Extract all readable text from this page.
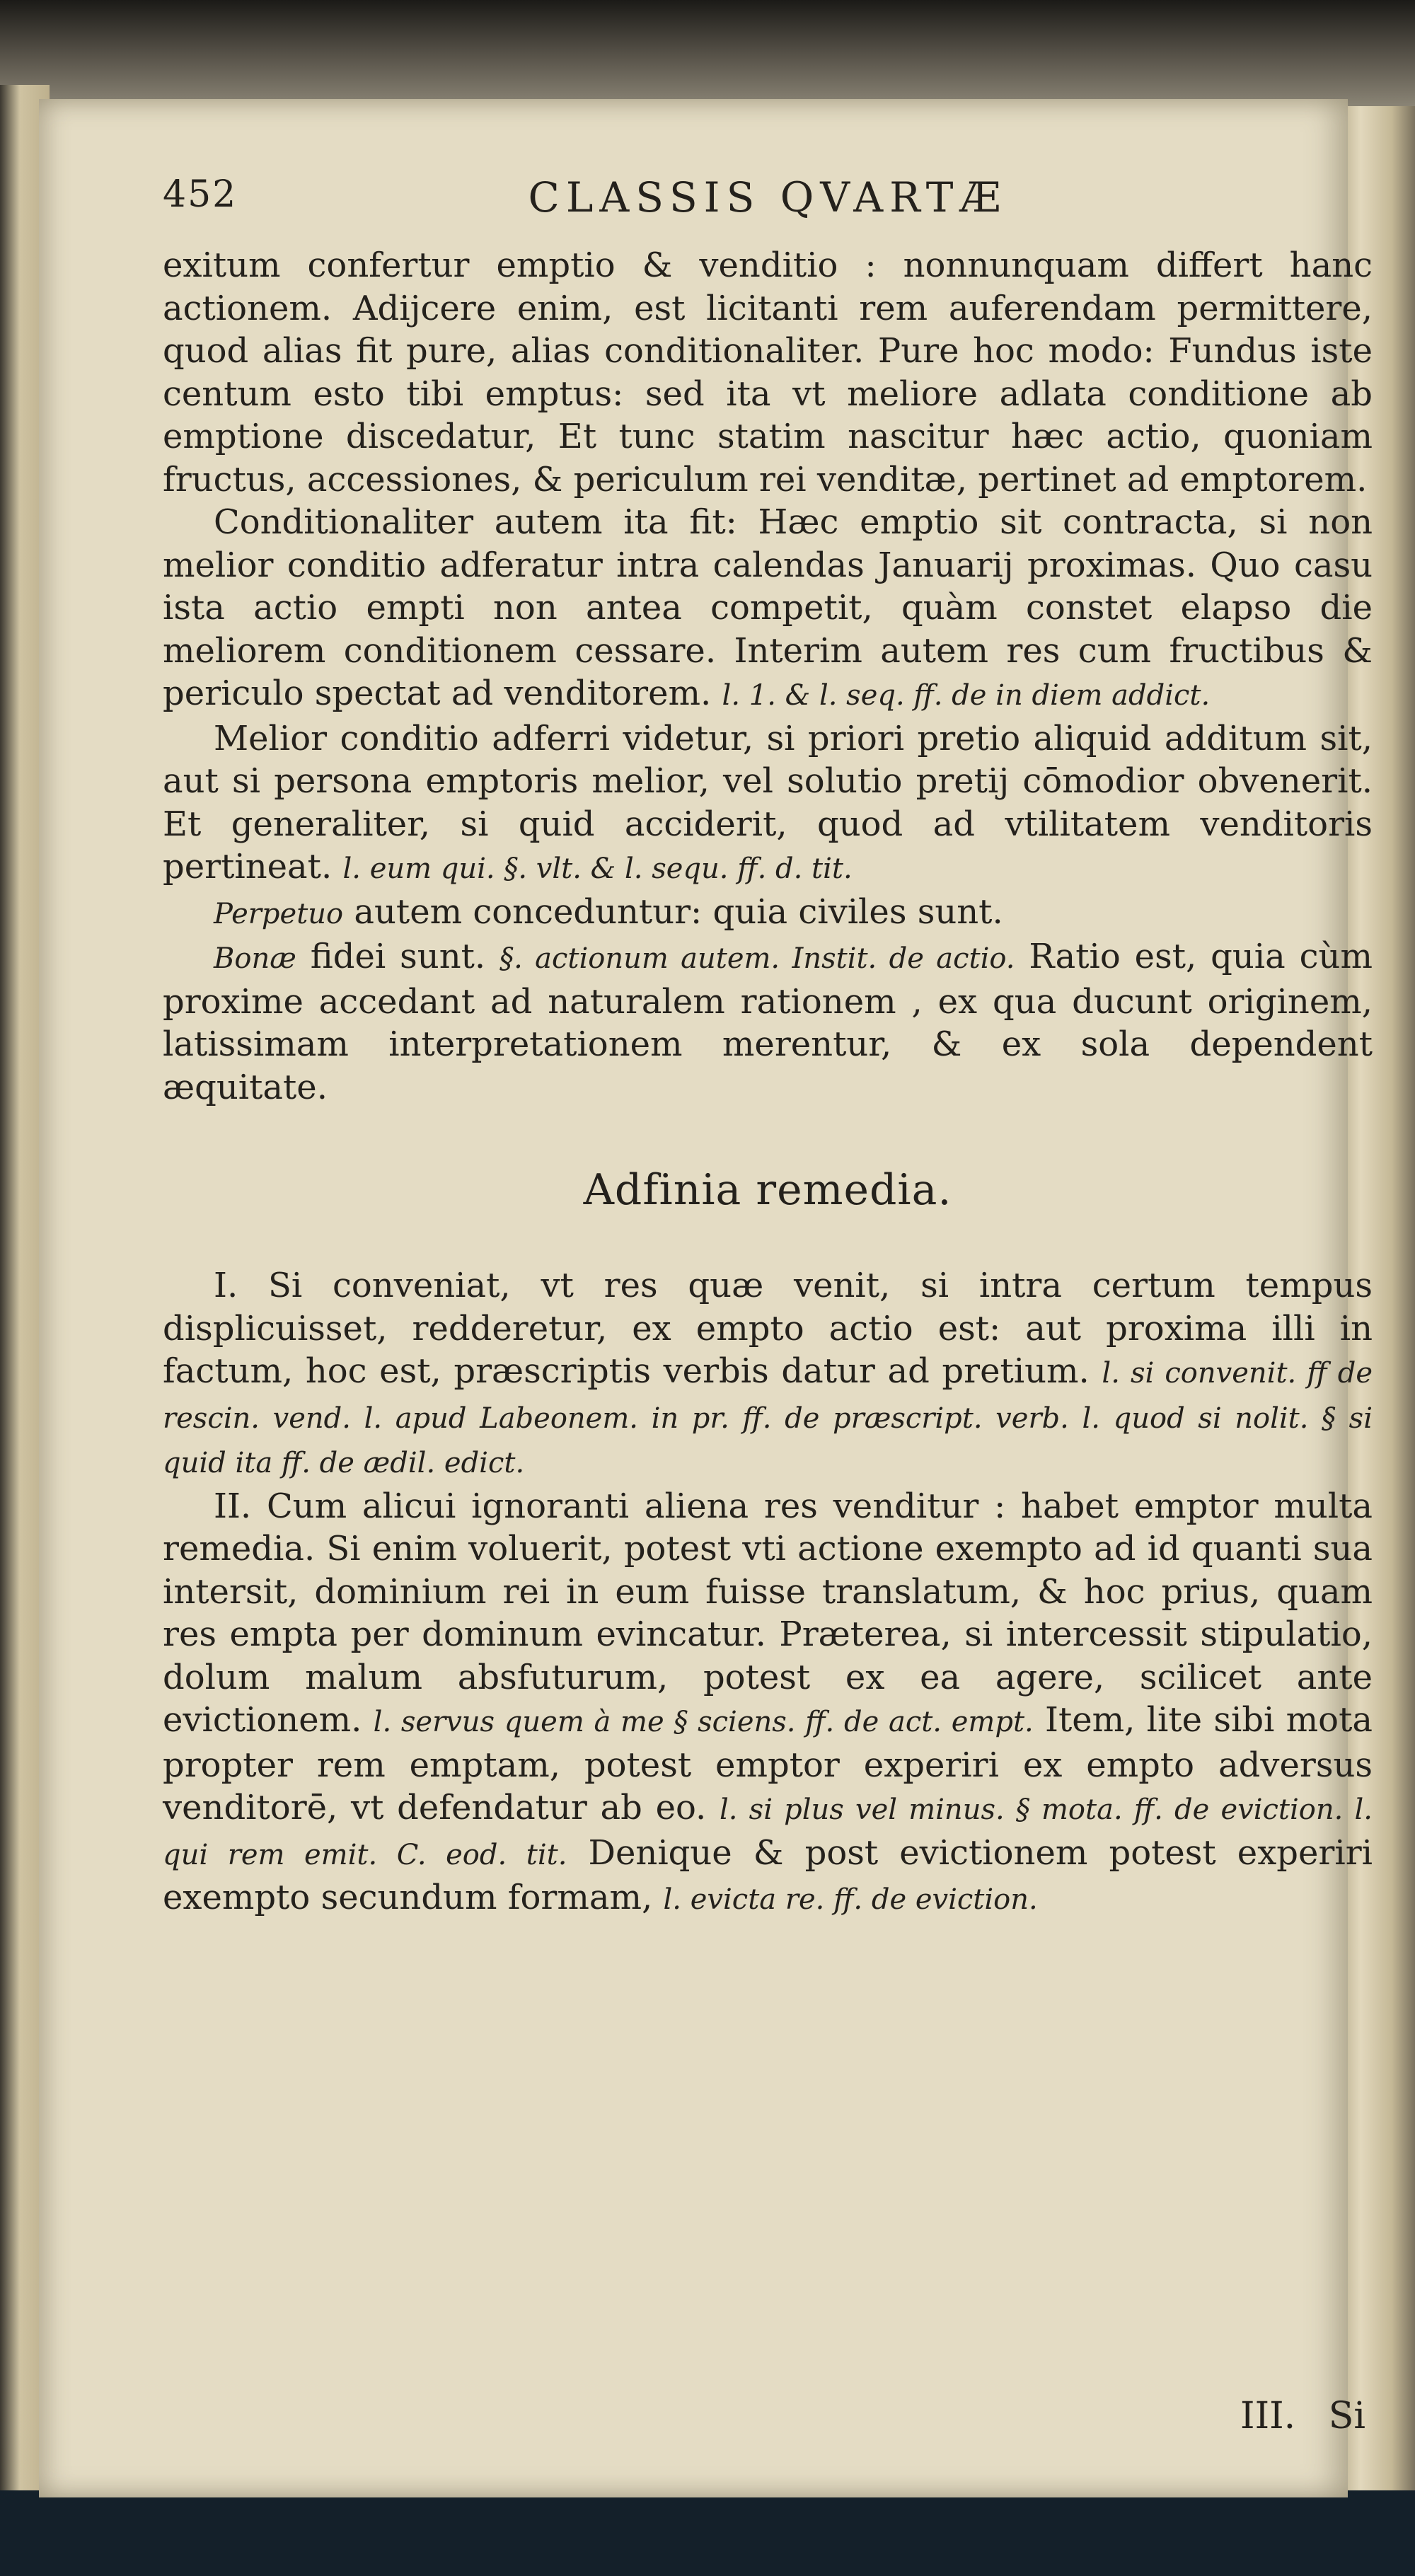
452	CLASSIS QVARTÆ

exitum confertur emptio & venditio : nonnunquam differt hanc actionem. Adijcere enim, est licitanti rem auferendam permittere, quod alias fit pure, alias conditionaliter. Pure hoc modo: Fundus iste centum esto tibi emptus: sed ita vt meliore adlata conditione ab emptione discedatur, Et tunc statim nascitur hæc actio, quoniam fructus, accessiones, & periculum rei venditæ, pertinet ad emptorem.

Conditionaliter autem ita fit: Hæc emptio sit contracta, si non melior conditio adferatur intra calendas Januarij proximas. Quo casu ista actio empti non antea competit, quàm constet elapso die meliorem conditionem cessare. Interim autem res cum fructibus & periculo spectat ad venditorem. l. 1. & l. seq. ff. de in diem addict.

Melior conditio adferri videtur, si priori pretio aliquid additum sit, aut si persona emptoris melior, vel solutio pretij cōmodior obvenerit. Et generaliter, si quid acciderit, quod ad vtilitatem venditoris pertineat. l. eum qui. §. vlt. & l. sequ. ff. d. tit.

Perpetuo autem conceduntur: quia civiles sunt.

Bonæ fidei sunt. §. actionum autem. Instit. de actio. Ratio est, quia cùm proxime accedant ad naturalem rationem , ex qua ducunt originem, latissimam interpretationem merentur, & ex sola dependent æquitate.

Adfinia remedia.

I. Si conveniat, vt res quæ venit, si intra certum tempus displicuisset, redderetur, ex empto actio est: aut proxima illi in factum, hoc est, præscriptis verbis datur ad pretium. l. si convenit. ff de rescin. vend. l. apud Labeonem. in pr. ff. de præscript. verb. l. quod si nolit. § si quid ita ff. de ædil. edict.

II. Cum alicui ignoranti aliena res venditur : habet emptor multa remedia. Si enim voluerit, potest vti actione exempto ad id quanti sua intersit, dominium rei in eum fuisse translatum, & hoc prius, quam res empta per dominum evincatur. Præterea, si intercessit stipulatio, dolum malum absfuturum, potest ex ea agere, scilicet ante evictionem. l. servus quem à me § sciens. ff. de act. empt. Item, lite sibi mota propter rem emptam, potest emptor experiri ex empto adversus venditorē, vt defendatur ab eo. l. si plus vel minus. § mota. ff. de eviction. l. qui rem emit. C. eod. tit. Denique & post evictionem potest experiri exempto secundum formam, l. evicta re. ff. de eviction.

III. Si
